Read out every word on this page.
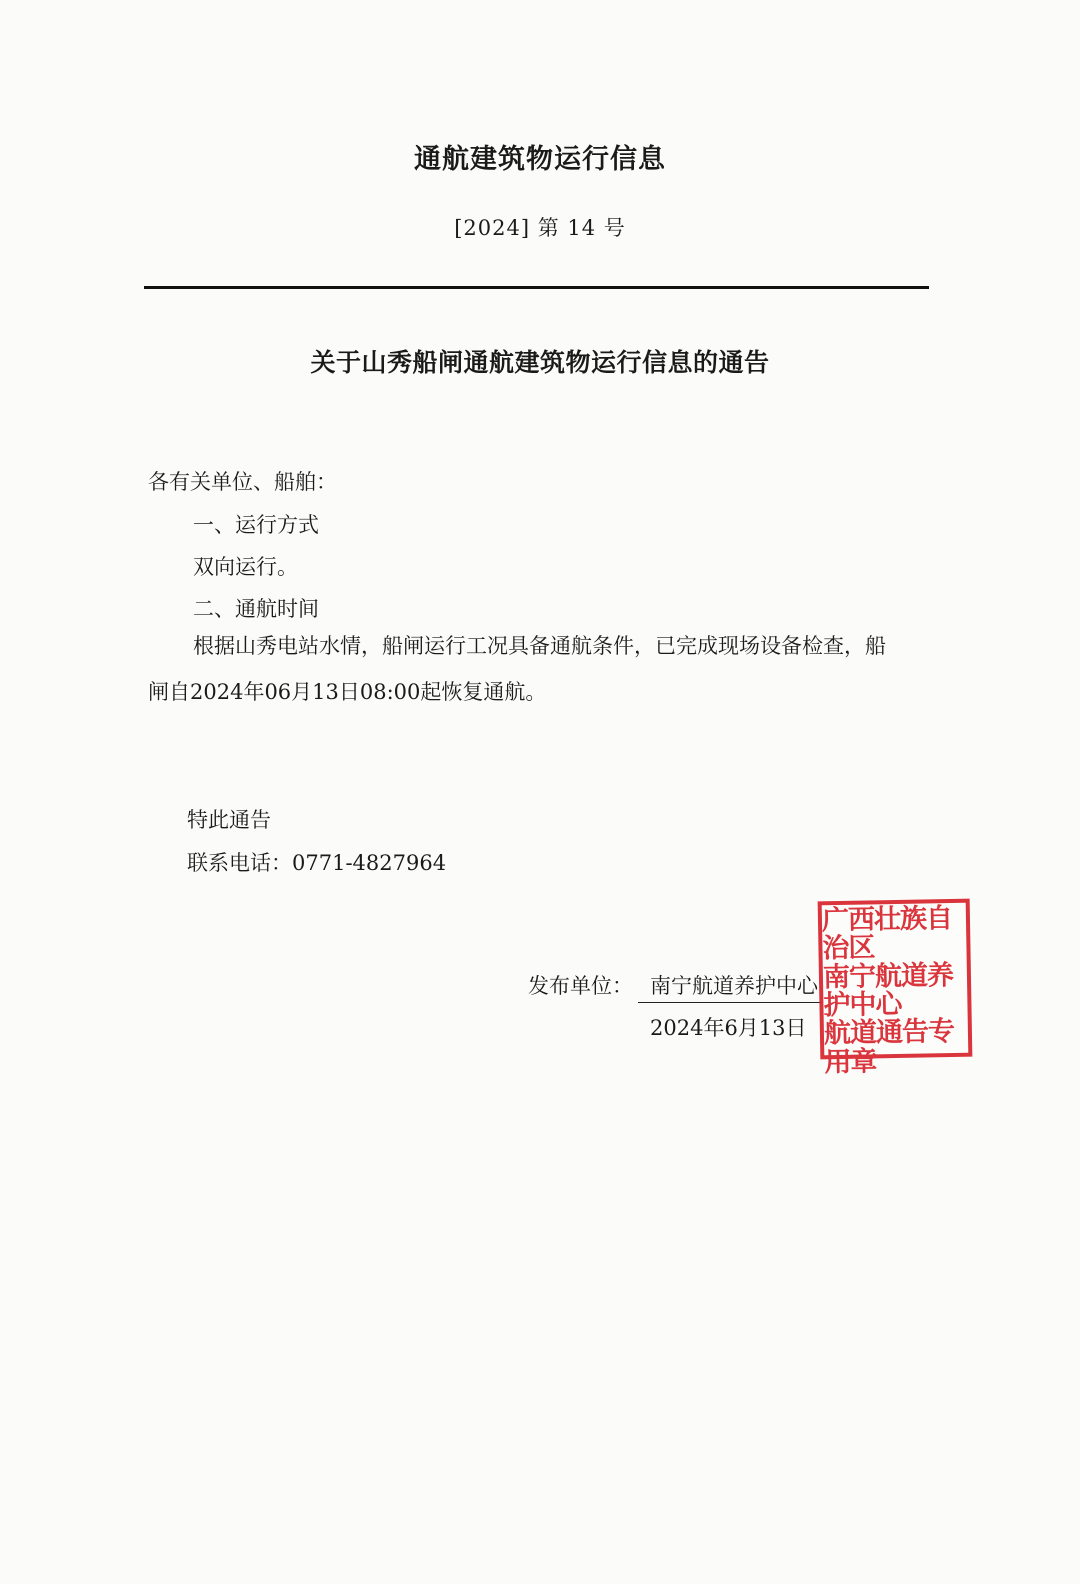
通航建筑物运行信息
[2024] 第 14 号
关于山秀船闸通航建筑物运行信息的通告
各有关单位、船舶：
一、运行方式
双向运行。
二、通航时间
根据山秀电站水情，船闸运行工况具备通航条件，已完成现场设备检查，船
闸自2024年06月13日08:00起恢复通航。
特此通告
联系电话：0771-4827964
发布单位： 南宁航道养护中心
2024年6月13日
广西壮族自治区
南宁航道养护中心
航道通告专用章
